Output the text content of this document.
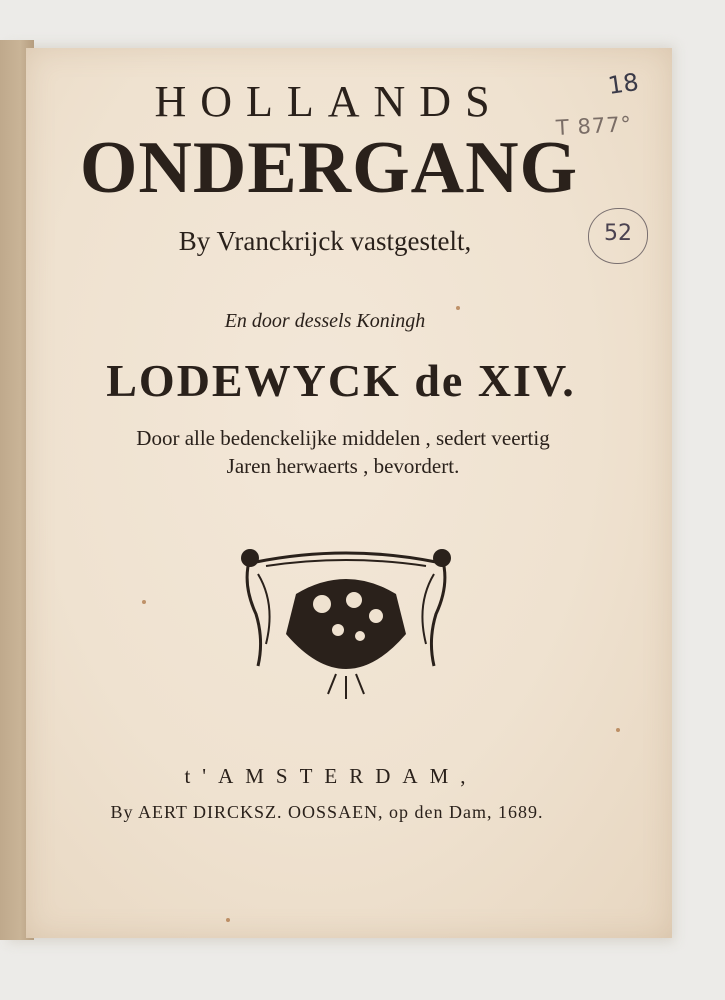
HOLLANDS
ONDERGANG
By Vranckrijck vastgestelt,
En door dessels Koningh
LODEWYCK de XIV.
Door alle bedenckelijke middelen , sedert veertig
Jaren herwaerts , bevordert.
t'AMSTERDAM,
By AERT DIRCKSZ. OOSSAEN, op den Dam, 1689.
18
T 877°
52
